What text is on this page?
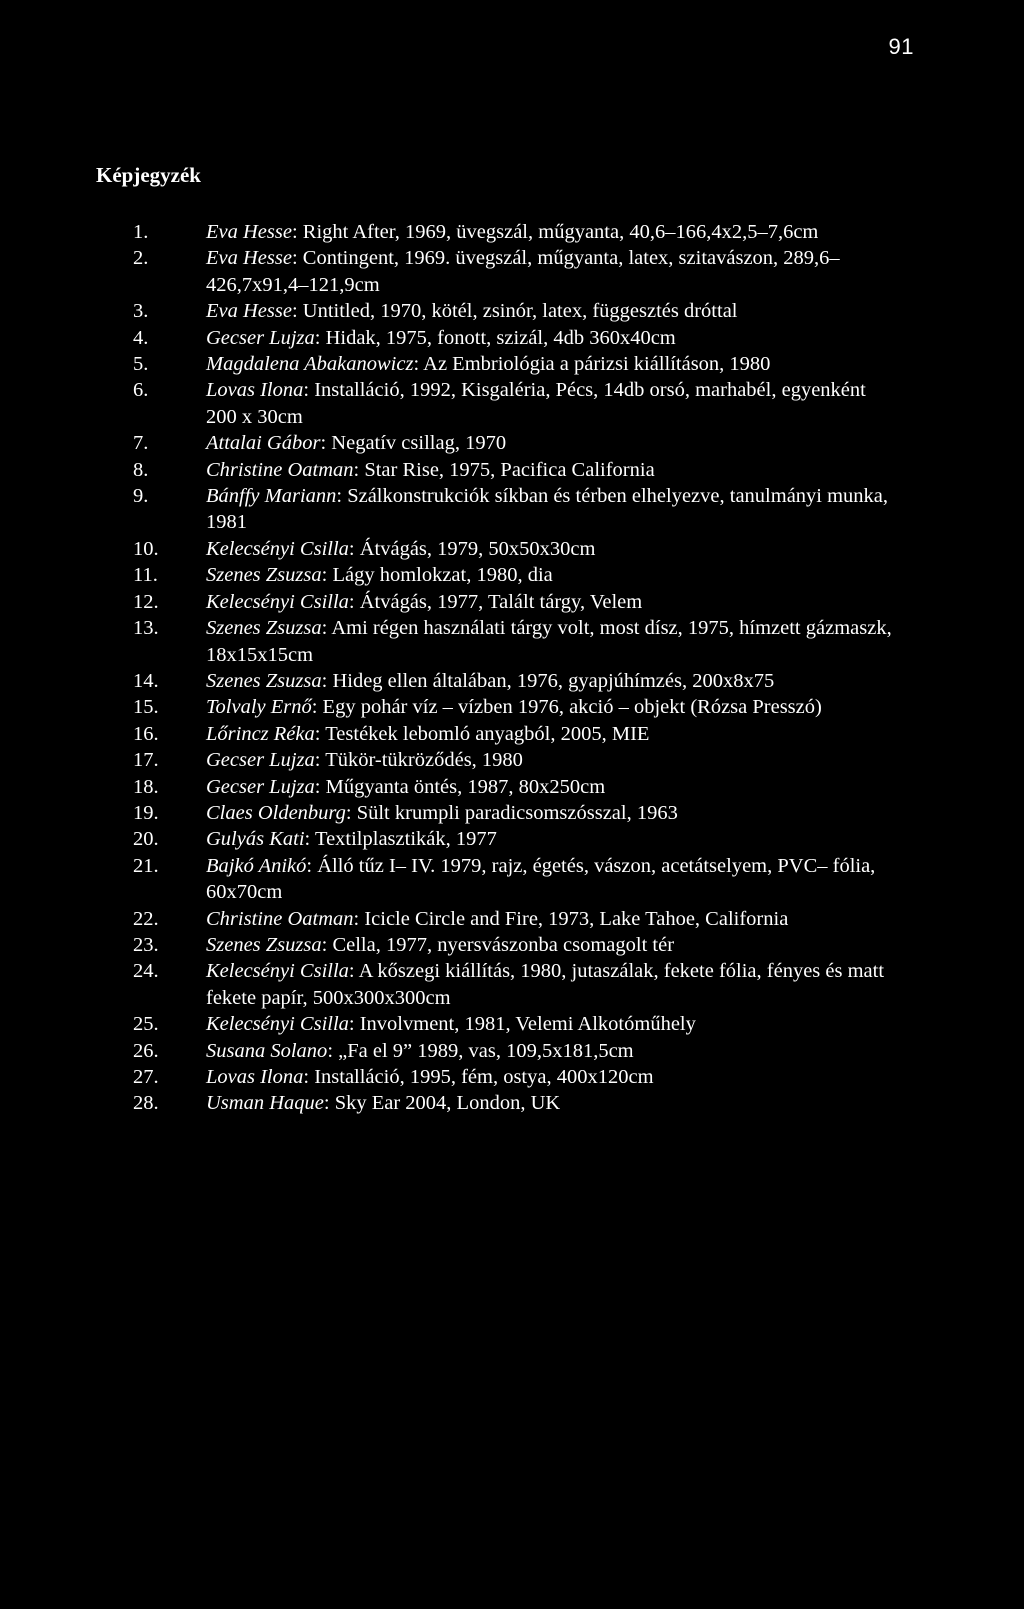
91
Képjegyzék
1.	Eva Hesse: Right After, 1969, üvegszál, műgyanta, 40,6–166,4x2,5–7,6cm
2.	Eva Hesse: Contingent, 1969. üvegszál, műgyanta, latex, szitavászon, 289,6–426,7x91,4–121,9cm
3.	Eva Hesse: Untitled, 1970, kötél, zsinór, latex, függesztés dróttal
4.	Gecser Lujza: Hidak, 1975, fonott, szizál, 4db 360x40cm
5.	Magdalena Abakanowicz: Az Embriológia a párizsi kiállításon, 1980
6.	Lovas Ilona: Installáció, 1992, Kisgaléria, Pécs, 14db orsó, marhabél, egyenként 200 x 30cm
7.	Attalai Gábor: Negatív csillag, 1970
8.	Christine Oatman: Star Rise, 1975, Pacifica California
9.	Bánffy Mariann: Szálkonstrukciók síkban és térben elhelyezve, tanulmányi munka, 1981
10.	Kelecsényi Csilla: Átvágás, 1979, 50x50x30cm
11.	Szenes Zsuzsa: Lágy homlokzat, 1980, dia
12.	Kelecsényi Csilla: Átvágás, 1977, Talált tárgy, Velem
13.	Szenes Zsuzsa: Ami régen használati tárgy volt, most dísz, 1975, hímzett gázmaszk, 18x15x15cm
14.	Szenes Zsuzsa: Hideg ellen általában, 1976, gyapjúhímzés, 200x8x75
15.	Tolvaly Ernő: Egy pohár víz – vízben 1976, akció – objekt (Rózsa Presszó)
16.	Lőrincz Réka: Testékek lebomló anyagból, 2005, MIE
17.	Gecser Lujza: Tükör-tükröződés, 1980
18.	Gecser Lujza: Műgyanta öntés, 1987, 80x250cm
19.	Claes Oldenburg: Sült krumpli paradicsomszósszal, 1963
20.	Gulyás Kati: Textilplasztikák, 1977
21.	Bajkó Anikó: Álló tűz I– IV. 1979, rajz, égetés, vászon, acetátselyem, PVC– fólia, 60x70cm
22.	Christine Oatman: Icicle Circle and Fire, 1973, Lake Tahoe, California
23.	Szenes Zsuzsa: Cella, 1977, nyersvászonba csomagolt tér
24.	Kelecsényi Csilla: A kőszegi kiállítás, 1980, jutaszálak, fekete fólia, fényes és matt fekete papír, 500x300x300cm
25.	Kelecsényi Csilla: Involvment, 1981, Velemi Alkotóműhely
26.	Susana Solano: „Fa el 9” 1989, vas, 109,5x181,5cm
27.	Lovas Ilona: Installáció, 1995, fém, ostya, 400x120cm
28.	Usman Haque: Sky Ear 2004, London, UK
